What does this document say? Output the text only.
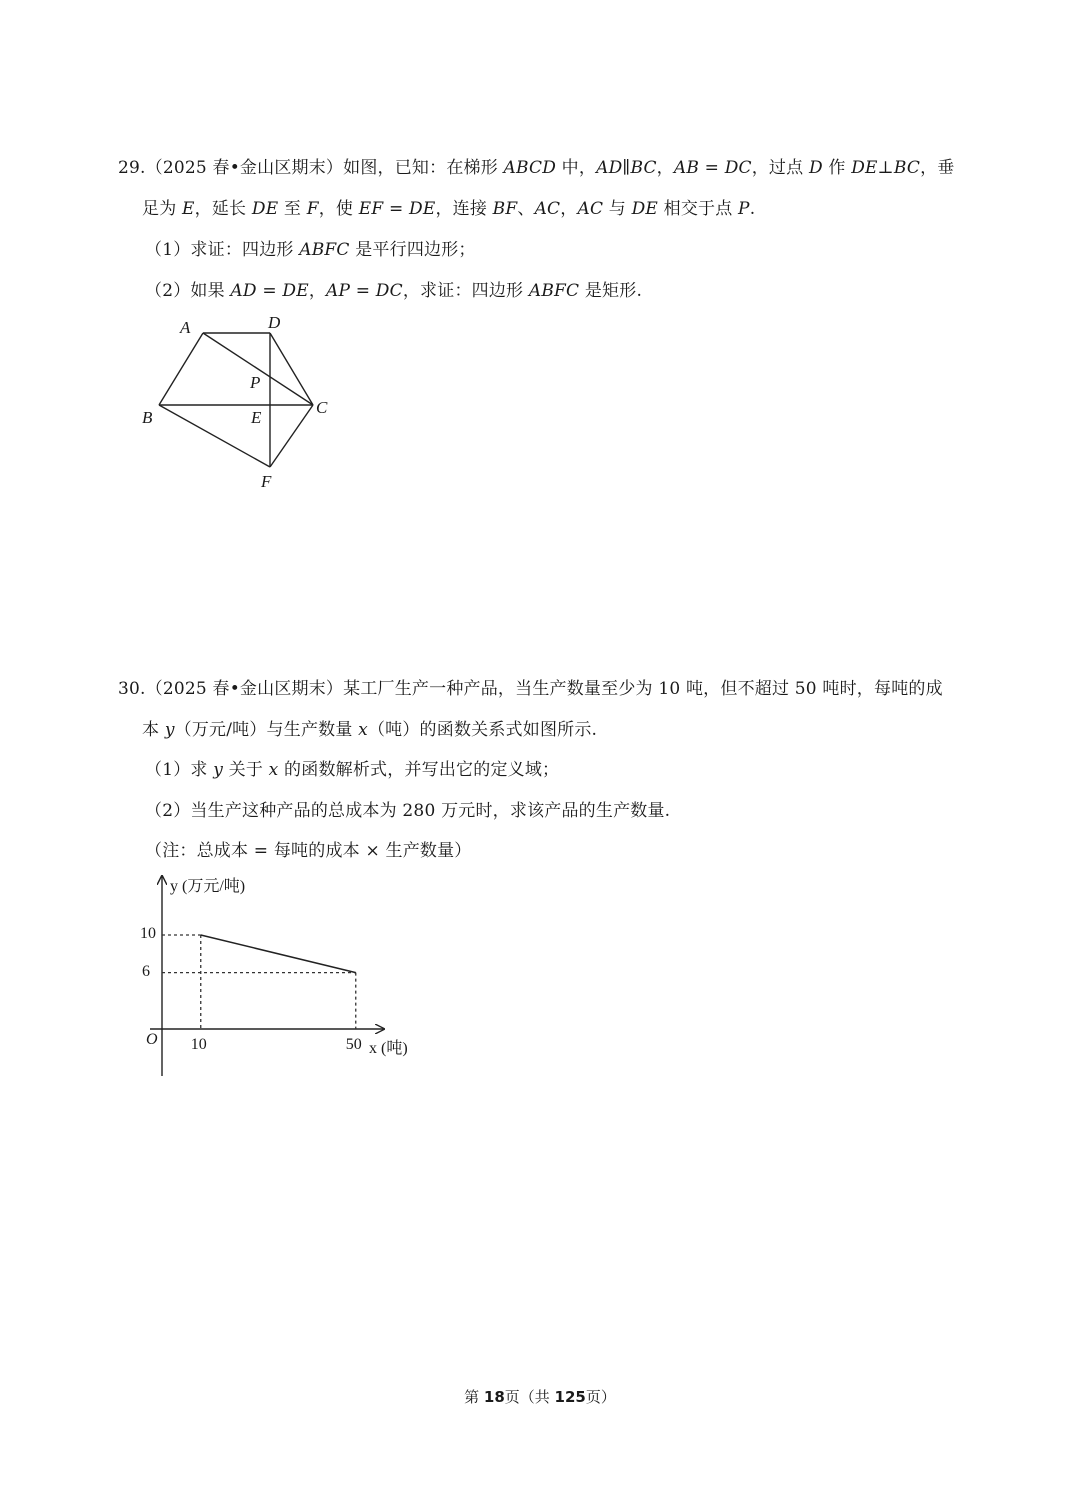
29.（2025 春•金山区期末）如图，已知：在梯形 ABCD 中，AD∥BC，AB = DC，过点 D 作 DE⊥BC，垂
足为 E，延长 DE 至 F，使 EF = DE，连接 BF、AC，AC 与 DE 相交于点 P.
（1）求证：四边形 ABFC 是平行四边形；
（2）如果 AD = DE，AP = DC，求证：四边形 ABFC 是矩形.
A	D
P
B	E
C
F
30.（2025 春•金山区期末）某工厂生产一种产品，当生产数量至少为 10 吨，但不超过 50 吨时，每吨的成
本 y（万元/吨）与生产数量 x（吨）的函数关系式如图所示.
（1）求 y 关于 x 的函数解析式，并写出它的定义域；
（2）当生产这种产品的总成本为 280 万元时，求该产品的生产数量.
（注：总成本 = 每吨的成本 × 生产数量）
y (万元/吨)
x (吨)
O 10	50
10
6
第 18页（共 125页）
